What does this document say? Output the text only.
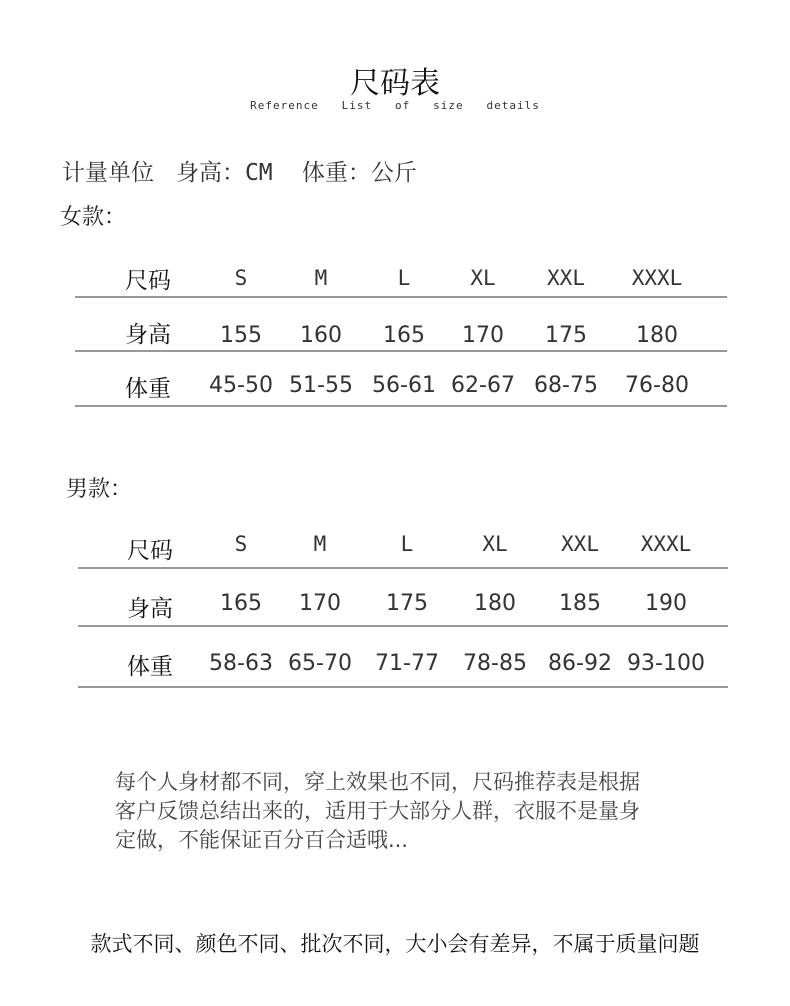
尺码表
Reference   List   of   size   details
计量单位 身高：CM 体重：公斤
女款：
尺码	S	M	L	XL XXL XXXL
身高 155 160 165 170 175 180
体重 45-50 51-55 56-61 62-67 68-75 76-80
男款：
尺码	S	M	L	XL	XXL XXXL
身高 165 170 175 180 185 190
体重 58-63 65-70 71-77 78-85 86-92 93-100
每个人身材都不同，穿上效果也不同，尺码推荐表是根据
客户反馈总结出来的，适用于大部分人群，衣服不是量身
定做，不能保证百分百合适哦...
款式不同、颜色不同、批次不同，大小会有差异，不属于质量问题
